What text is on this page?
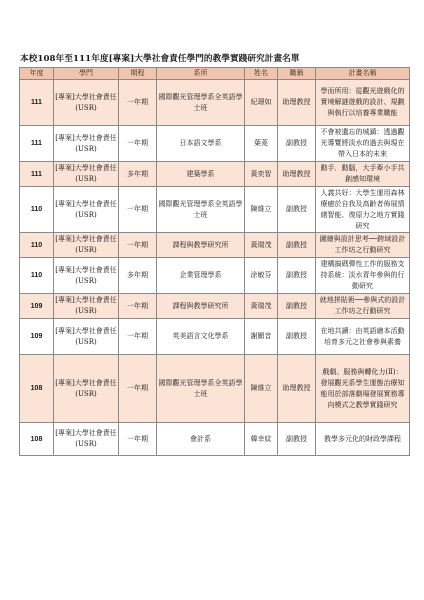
本校108年至111年度[專案]大學社會責任學門的教學實踐研究計畫名單
年度	學門	期程	系所	姓名	職稱	計畫名稱
111	[專案]大學社會責任(USR)	一年期	國際觀光管理學系全英語學士班	紀璟如	助理教授	學而所用：從觀光遊戲化的實境解謎遊戲的設計、規劃與執行以培養專業職能

111	[專案]大學社會責任(USR)	一年期	日本語文學系	葉菱	副教授	不會被遺忘的城鎮：透過觀光導覽將淡水的過去與現在帶入日本的未來

111	[專案]大學社會責任(USR)	多年期	建築學系	黃奕智	助理教授	動手．動腦，大手牽小手共創感知環境

110	[專案]大學社會責任(USR)	一年期	國際觀光管理學系全英語學士班	陳維立	副教授	人義共好：大學生運用森林療癒於自我及高齡者佈展情緒智能、復原力之地方實踐研究

110	[專案]大學社會責任(USR)	一年期	課程與教學研究所	黃瑞茂	副教授	圖繪與設計思考──跨域設計工作坊之行動研究

110	[專案]大學社會責任(USR)	多年期	企業管理學系	涂敏芬	副教授	建構搞碼彈性工作的服務支持系統：淡水青年參與的行動研究

109	[專案]大學社會責任(USR)	一年期	課程與教學研究所	黃瑞茂	副教授	就地拼貼術──參與式的設計工作坊之行動研究

109	[專案]大學社會責任(USR)	一年期	英美語言文化學系	謝顥音	副教授	在地共讀：由英語繪本活動培育多元之社會參與素養

108	[專案]大學社會責任(USR)	一年期	國際觀光管理學系全英語學士班	陳維立	助理教授	戲劇、服務與轉化力(Ⅱ)：發展觀光系學生運態治療知能用於部落劇場發展實務導向模式之教學實踐研究

108	[專案]大學社會責任(USR)	一年期	會計系	韓幸紋	副教授	教學多元化的財政學課程
